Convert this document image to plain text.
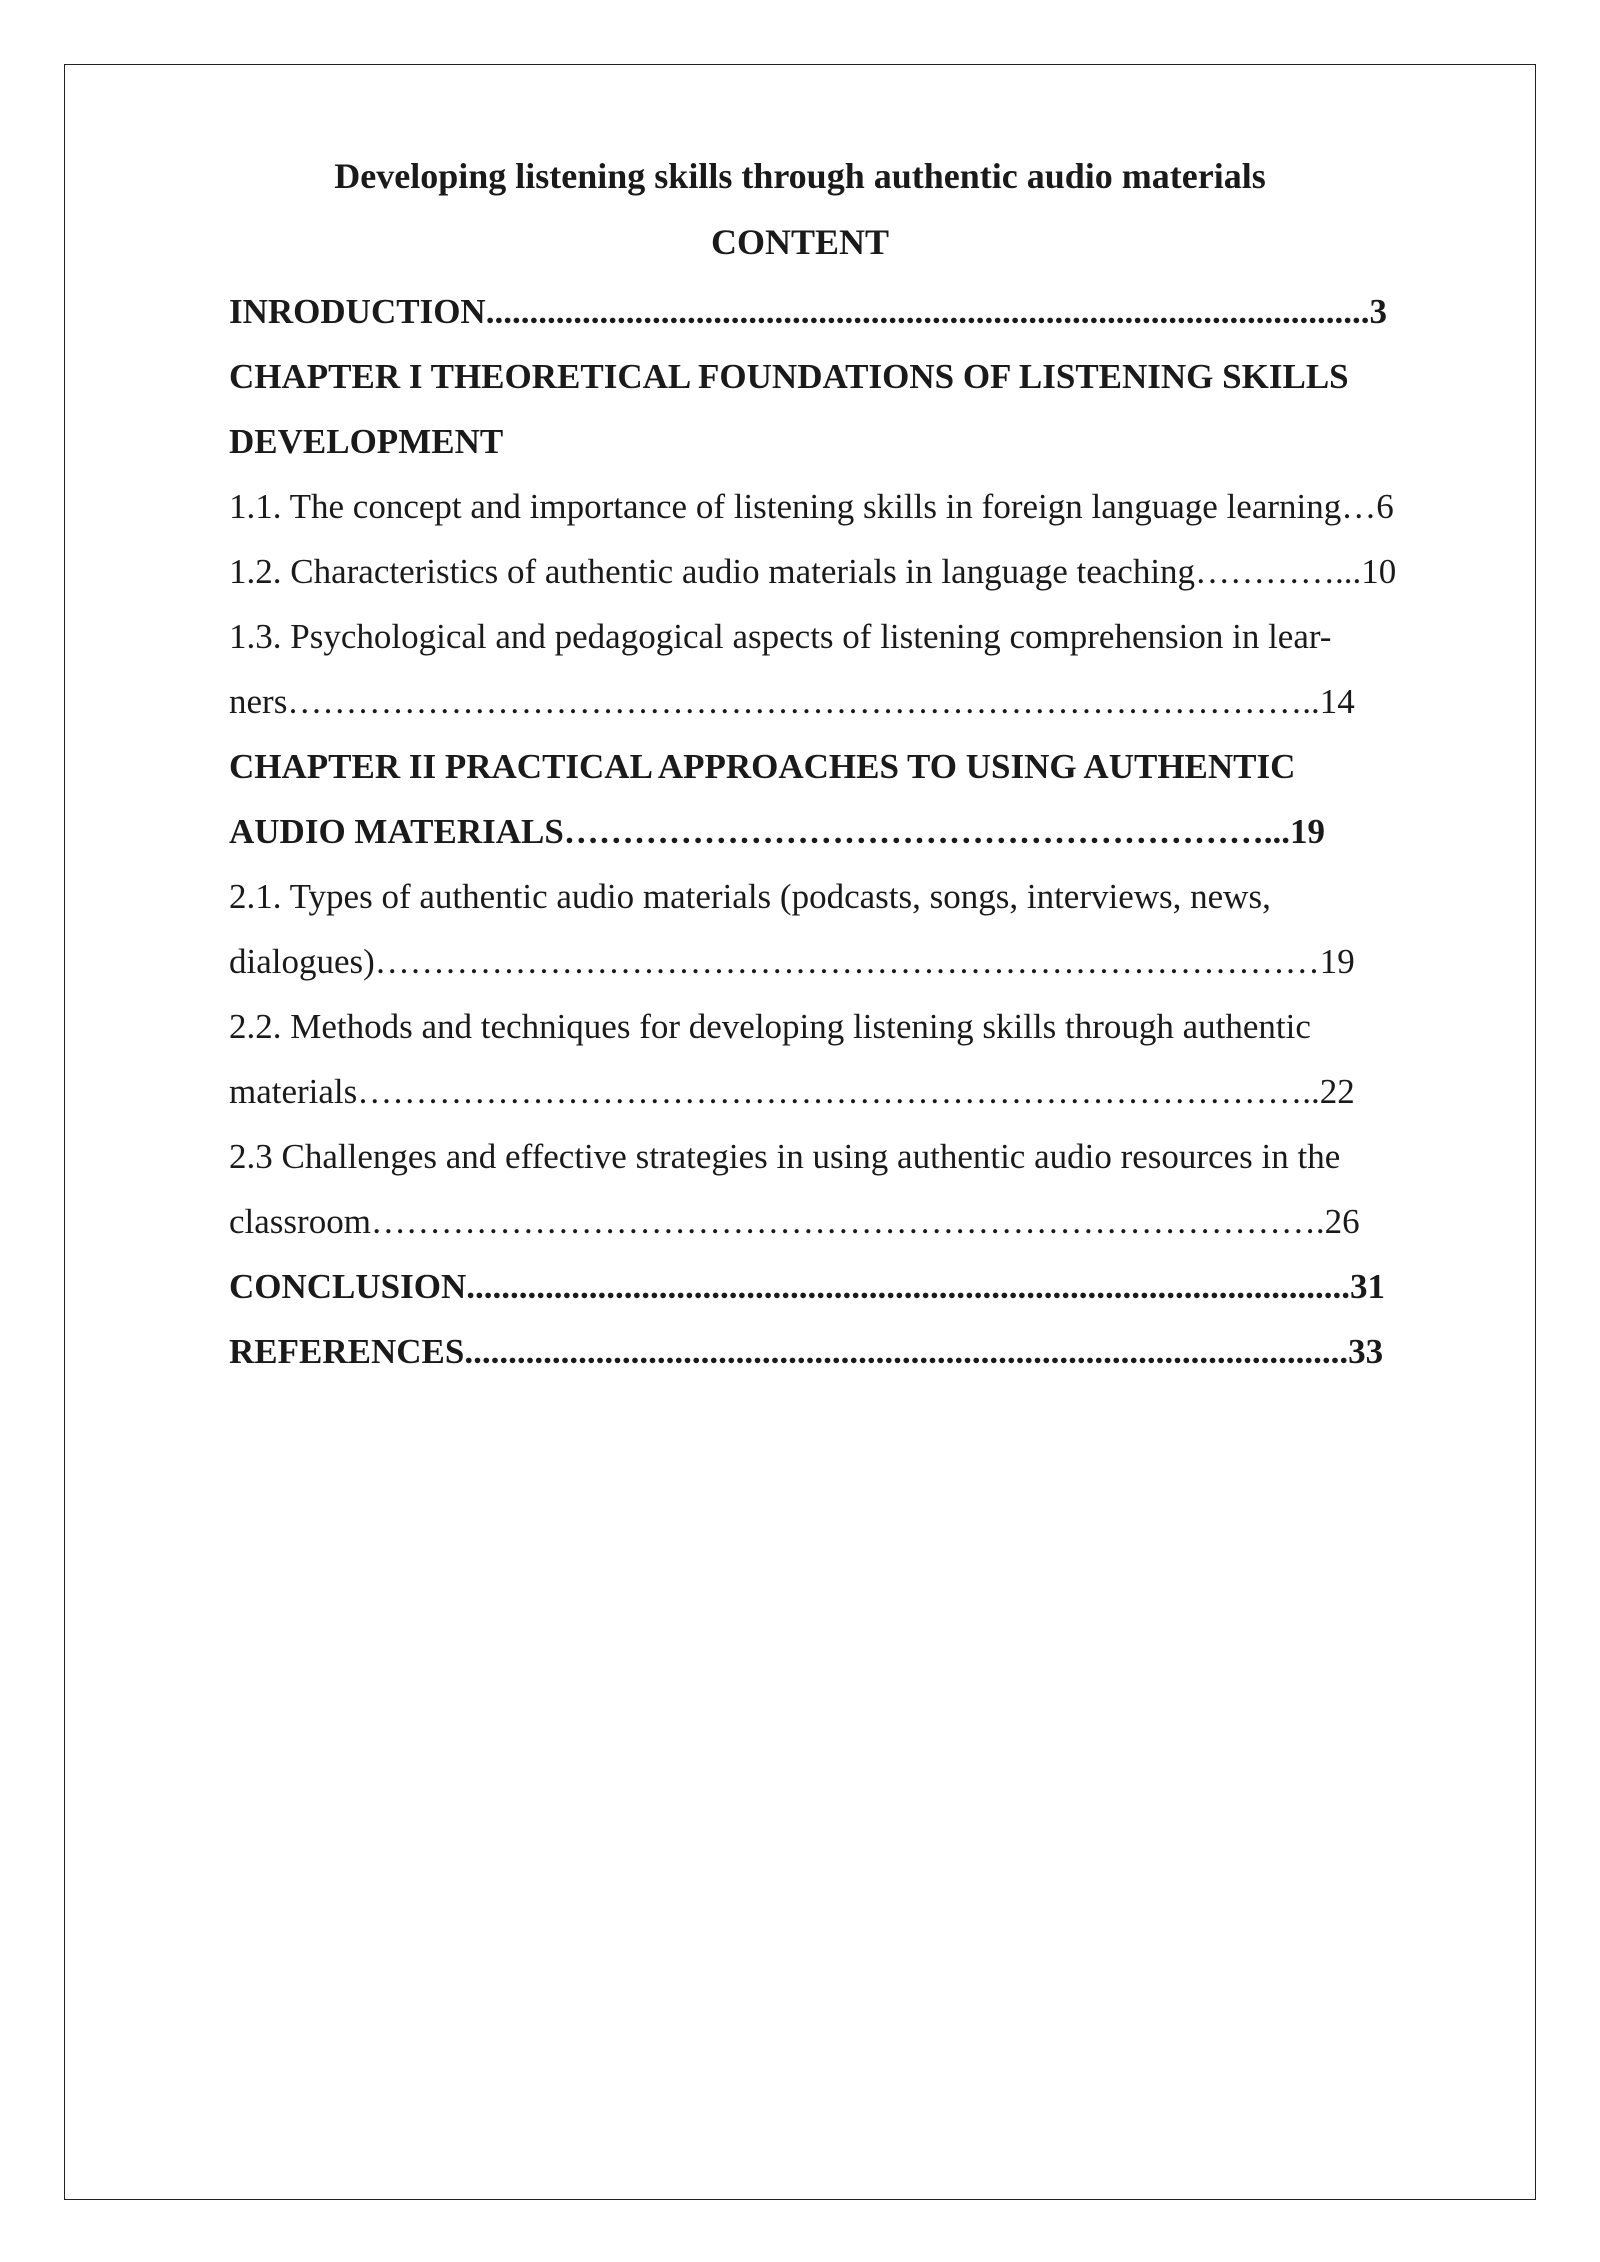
Developing listening skills through authentic audio materials
CONTENT
INRODUCTION.....................................................................................................3
CHAPTER I THEORETICAL FOUNDATIONS OF LISTENING SKILLS
DEVELOPMENT
1.1. The concept and importance of listening skills in foreign language learning…6
1.2. Characteristics of authentic audio materials in language teaching…………...10
1.3. Psychological and pedagogical aspects of listening comprehension in lear-
ners……………………………………………………………………………..14
CHAPTER II PRACTICAL APPROACHES TO USING AUTHENTIC
AUDIO MATERIALS……………………………………………………...19
2.1. Types of authentic audio materials (podcasts, songs, interviews, news,
dialogues)………………………………………………………………………19
2.2. Methods and techniques for developing listening skills through authentic
materials………………………………………………………………………..22
2.3 Challenges and effective strategies in using authentic audio resources in the
classroom……………………………………………………………………….26
CONCLUSION.....................................................................................................31
REFERENCES.....................................................................................................33
